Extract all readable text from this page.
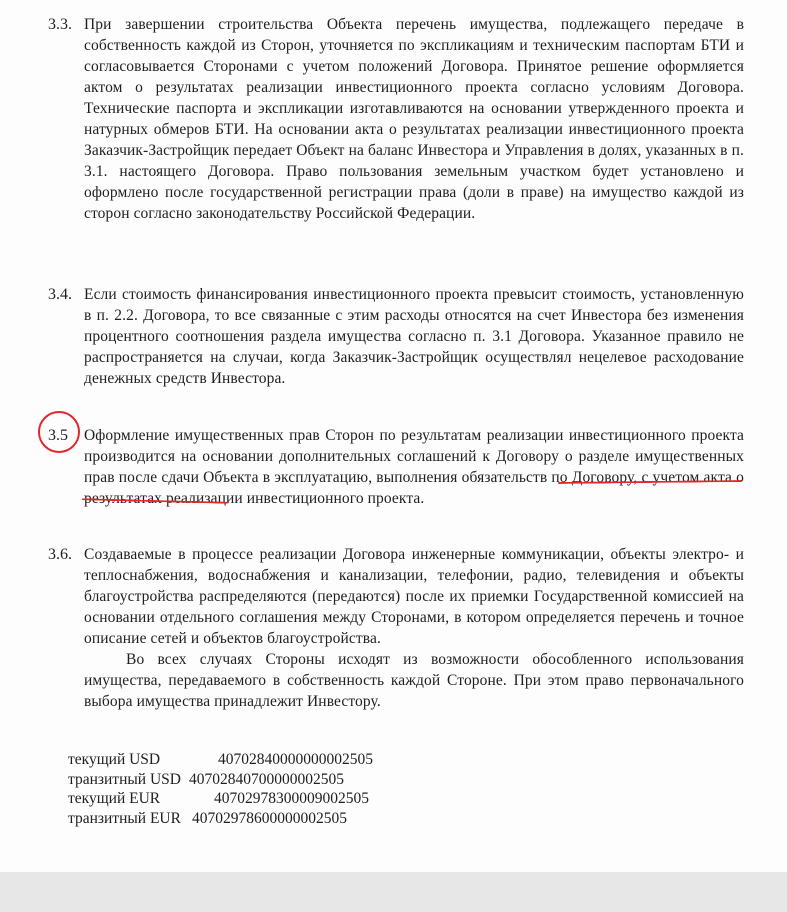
3.3. При завершении строительства Объекта перечень имущества, подлежащего передаче в собственность каждой из Сторон, уточняется по экспликациям и техническим паспортам БТИ и согласовывается Сторонами с учетом положений Договора. Принятое решение оформляется актом о результатах реализации инвестиционного проекта согласно условиям Договора. Технические паспорта и экспликации изготавливаются на основании утвержденного проекта и натурных обмеров БТИ. На основании акта о результатах реализации инвестиционного проекта Заказчик-Застройщик передает Объект на баланс Инвестора и Управления в долях, указанных в п. 3.1. настоящего Договора. Право пользования земельным участком будет установлено и оформлено после государственной регистрации права (доли в праве) на имущество каждой из сторон согласно законодательству Российской Федерации.
3.4. Если стоимость финансирования инвестиционного проекта превысит стоимость, установленную в п. 2.2. Договора, то все связанные с этим расходы относятся на счет Инвестора без изменения процентного соотношения раздела имущества согласно п. 3.1 Договора. Указанное правило не распространяется на случаи, когда Заказчик-Застройщик осуществлял нецелевое расходование денежных средств Инвестора.
3.5	Оформление имущественных прав Сторон по результатам реализации инвестиционного проекта производится на основании дополнительных соглашений к Договору о разделе имущественных прав после сдачи Объекта в эксплуатацию, выполнения обязательств по Договору, с учетом акта о результатах реализации инвестиционного проекта.
3.6. Создаваемые в процессе реализации Договора инженерные коммуникации, объекты электро- и теплоснабжения, водоснабжения и канализации, телефонии, радио, телевидения и объекты благоустройства распределяются (передаются) после их приемки Государственной комиссией на основании отдельного соглашения между Сторонами, в котором определяется перечень и точное описание сетей и объектов благоустройства.

Во всех случаях Стороны исходят из возможности обособленного использования имущества, передаваемого в собственность каждой Стороне. При этом право первоначального выбора имущества принадлежит Инвестору.
текущий USD	40702840000000002505
транзитный USD 40702840700000002505
текущий EUR	40702978300009002505
транзитный EUR 40702978600000002505
